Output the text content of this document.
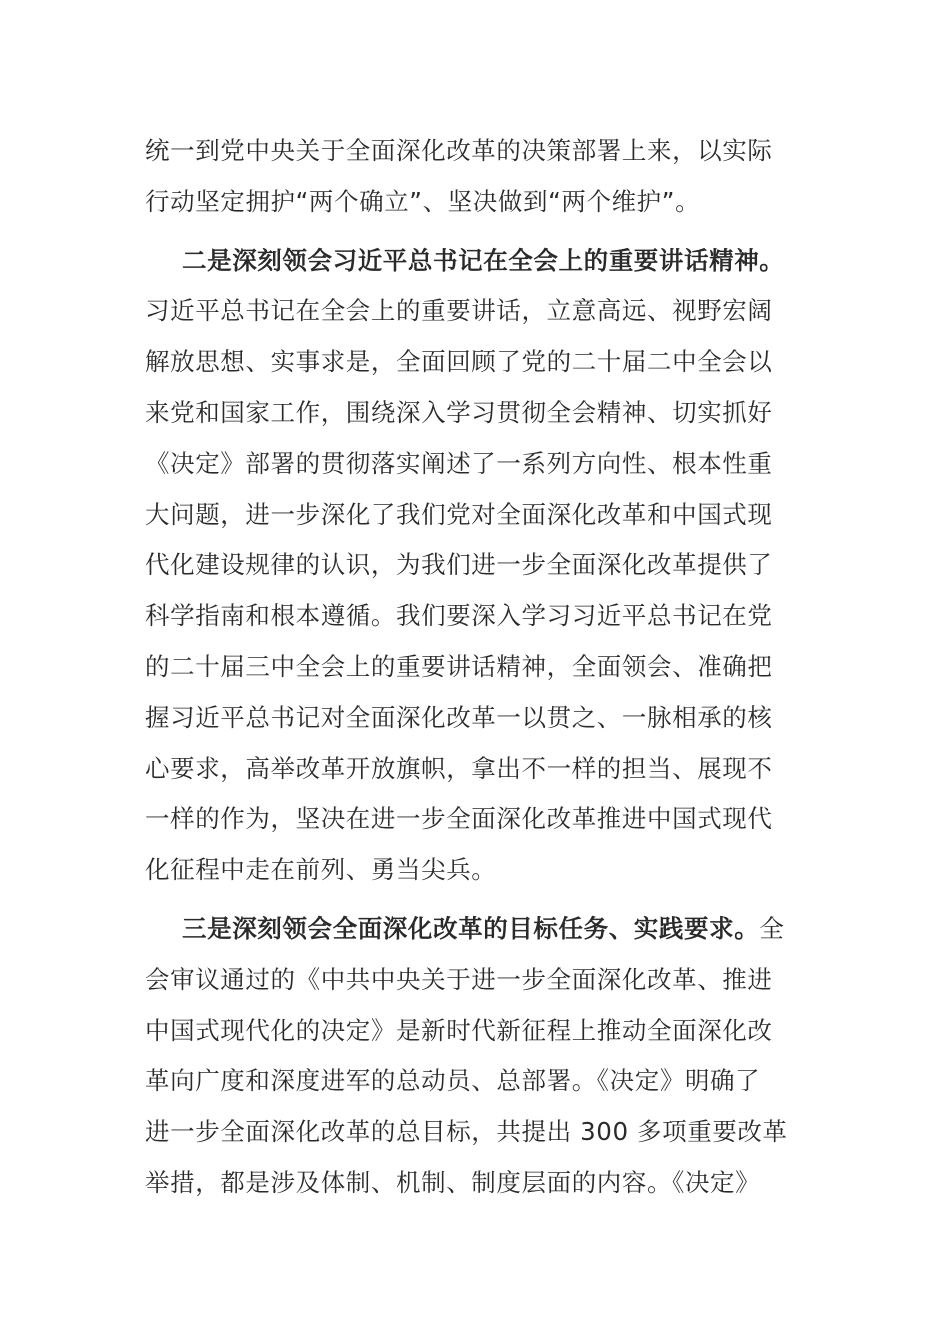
统一到党中央关于全面深化改革的决策部署上来，以实际
行动坚定拥护“两个确立”、坚决做到“两个维护”。
二是深刻领会习近平总书记在全会上的重要讲话精神。
习近平总书记在全会上的重要讲话，立意高远、视野宏阔
解放思想、实事求是，全面回顾了党的二十届二中全会以
来党和国家工作，围绕深入学习贯彻全会精神、切实抓好
《决定》部署的贯彻落实阐述了一系列方向性、根本性重
大问题，进一步深化了我们党对全面深化改革和中国式现
代化建设规律的认识，为我们进一步全面深化改革提供了
科学指南和根本遵循。我们要深入学习习近平总书记在党
的二十届三中全会上的重要讲话精神，全面领会、准确把
握习近平总书记对全面深化改革一以贯之、一脉相承的核
心要求，高举改革开放旗帜，拿出不一样的担当、展现不
一样的作为，坚决在进一步全面深化改革推进中国式现代
化征程中走在前列、勇当尖兵。
三是深刻领会全面深化改革的目标任务、实践要求。全
会审议通过的《中共中央关于进一步全面深化改革、推进
中国式现代化的决定》是新时代新征程上推动全面深化改
革向广度和深度进军的总动员、总部署。《决定》明确了
进一步全面深化改革的总目标，共提出 300 多项重要改革
举措，都是涉及体制、机制、制度层面的内容。《决定》
